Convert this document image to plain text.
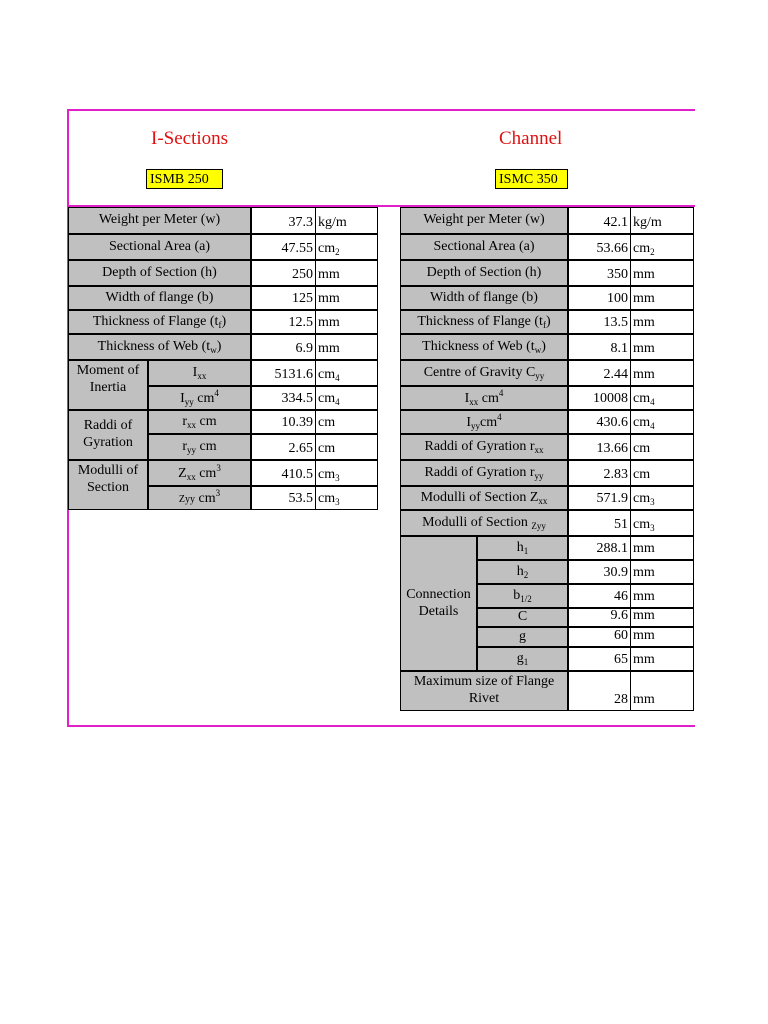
I-Sections	Channel
ISMB 250	ISMC 350
Weight per Meter (w)	37.3 kg/m
Sectional Area (a)	47.55 $cm_2$
Depth of Section (h)	250 mm
Width of flange (b)	125 mm
Thickness of Flange $(t_f)$	12.5 mm
Thickness of Web $(t_w)$	6.9 mm
Moment of Inertia
$I_{xx}$	5131.6 $cm_4$
$I_{yy}$ $cm^4$	334.5 $cm_4$
Raddi of Gyration
$r_{xx}$ cm	10.39 cm
$r_{yy}$ cm	2.65 cm
Modulli of Section
$Z_{xx}$ $cm^3$	410.5 $cm_3$
Zyy $cm^3$	53.5 $cm_3$
Weight per Meter (w)	42.1 kg/m
Sectional Area (a)	53.66 $cm_2$
Depth of Section (h)	350 mm
Width of flange (b)	100 mm
Thickness of Flange $(t_f)$	13.5 mm
Thickness of Web $(t_w)$	8.1 mm
Centre of Gravity $C_{yy}$	2.44 mm
$I_{xx}$ $cm^4$	10008 $cm_4$
$I_{yy}cm^4$	430.6 $cm_4$
Raddi of Gyration $r_{xx}$	13.66 cm
Raddi of Gyration $r_{yy}$	2.83 cm
Modulli of Section $Z_{xx}$	571.9 $cm_3$
Modulli of Section $_{Zyy}$	51 $cm_3$
Connection Details
$h_1$	288.1 mm
$h_2$	30.9 mm
$b_{1/2}$	46 mm
C	9.6 mm
g	60 mm
$g_1$	65 mm
Maximum size of Flange Rivet	28 mm
